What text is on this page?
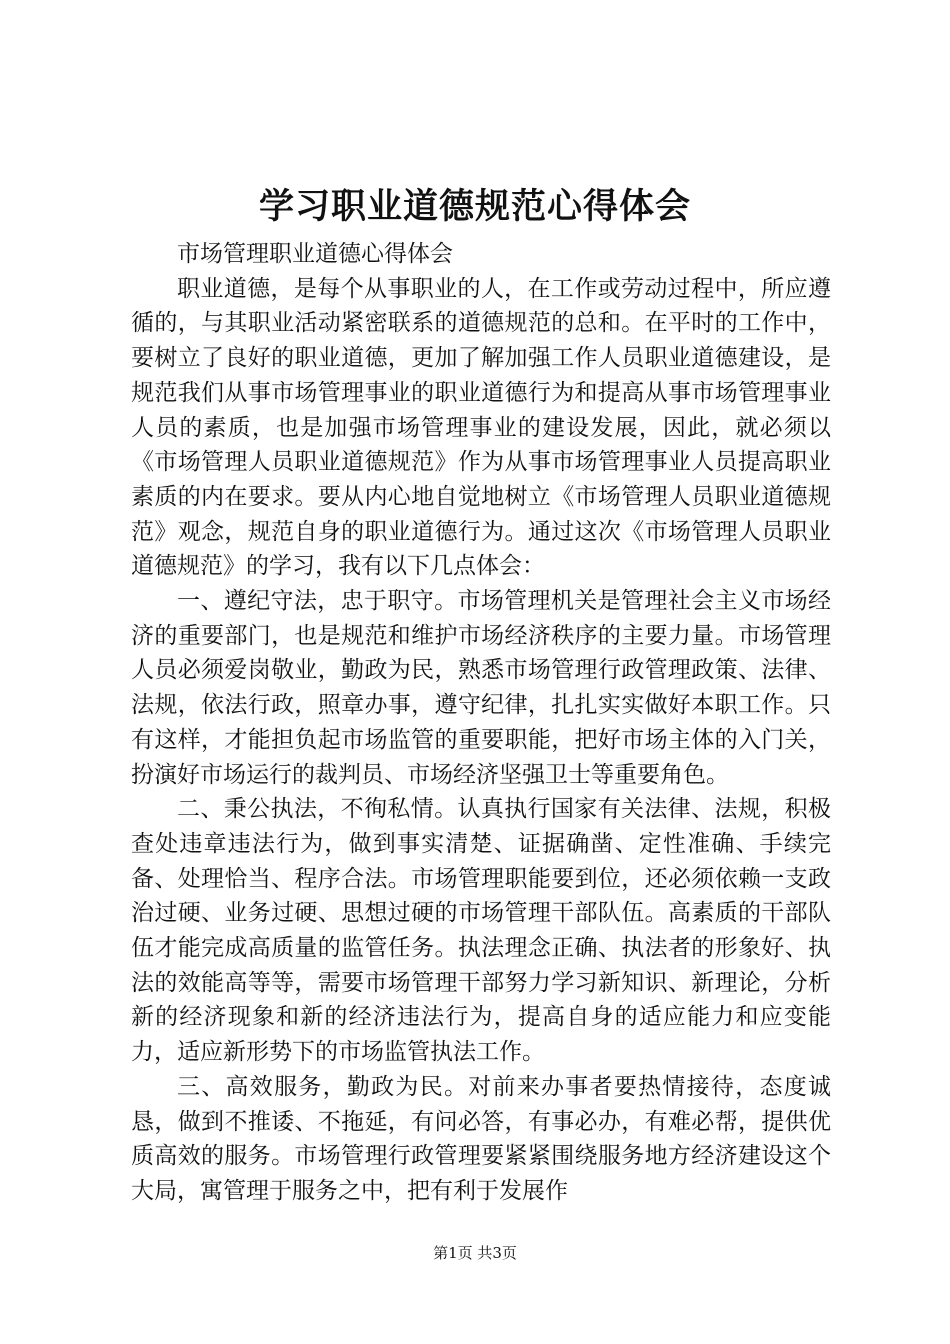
学习职业道德规范心得体会

市场管理职业道德心得体会

职业道德，是每个从事职业的人，在工作或劳动过程中，所应遵循的，与其职业活动紧密联系的道德规范的总和。在平时的工作中，要树立了良好的职业道德，更加了解加强工作人员职业道德建设，是规范我们从事市场管理事业的职业道德行为和提高从事市场管理事业人员的素质，也是加强市场管理事业的建设发展，因此，就必须以《市场管理人员职业道德规范》作为从事市场管理事业人员提高职业素质的内在要求。要从内心地自觉地树立《市场管理人员职业道德规范》观念，规范自身的职业道德行为。通过这次《市场管理人员职业道德规范》的学习，我有以下几点体会：

一、遵纪守法，忠于职守。市场管理机关是管理社会主义市场经济的重要部门，也是规范和维护市场经济秩序的主要力量。市场管理人员必须爱岗敬业，勤政为民，熟悉市场管理行政管理政策、法律、法规，依法行政，照章办事，遵守纪律，扎扎实实做好本职工作。只有这样，才能担负起市场监管的重要职能，把好市场主体的入门关，扮演好市场运行的裁判员、市场经济坚强卫士等重要角色。

二、秉公执法，不徇私情。认真执行国家有关法律、法规，积极查处违章违法行为，做到事实清楚、证据确凿、定性准确、手续完备、处理恰当、程序合法。市场管理职能要到位，还必须依赖一支政治过硬、业务过硬、思想过硬的市场管理干部队伍。高素质的干部队伍才能完成高质量的监管任务。执法理念正确、执法者的形象好、执法的效能高等等，需要市场管理干部努力学习新知识、新理论，分析新的经济现象和新的经济违法行为，提高自身的适应能力和应变能力，适应新形势下的市场监管执法工作。

三、高效服务，勤政为民。对前来办事者要热情接待，态度诚恳，做到不推诿、不拖延，有问必答，有事必办，有难必帮，提供优质高效的服务。市场管理行政管理要紧紧围绕服务地方经济建设这个大局，寓管理于服务之中，把有利于发展作

第1页 共3页
